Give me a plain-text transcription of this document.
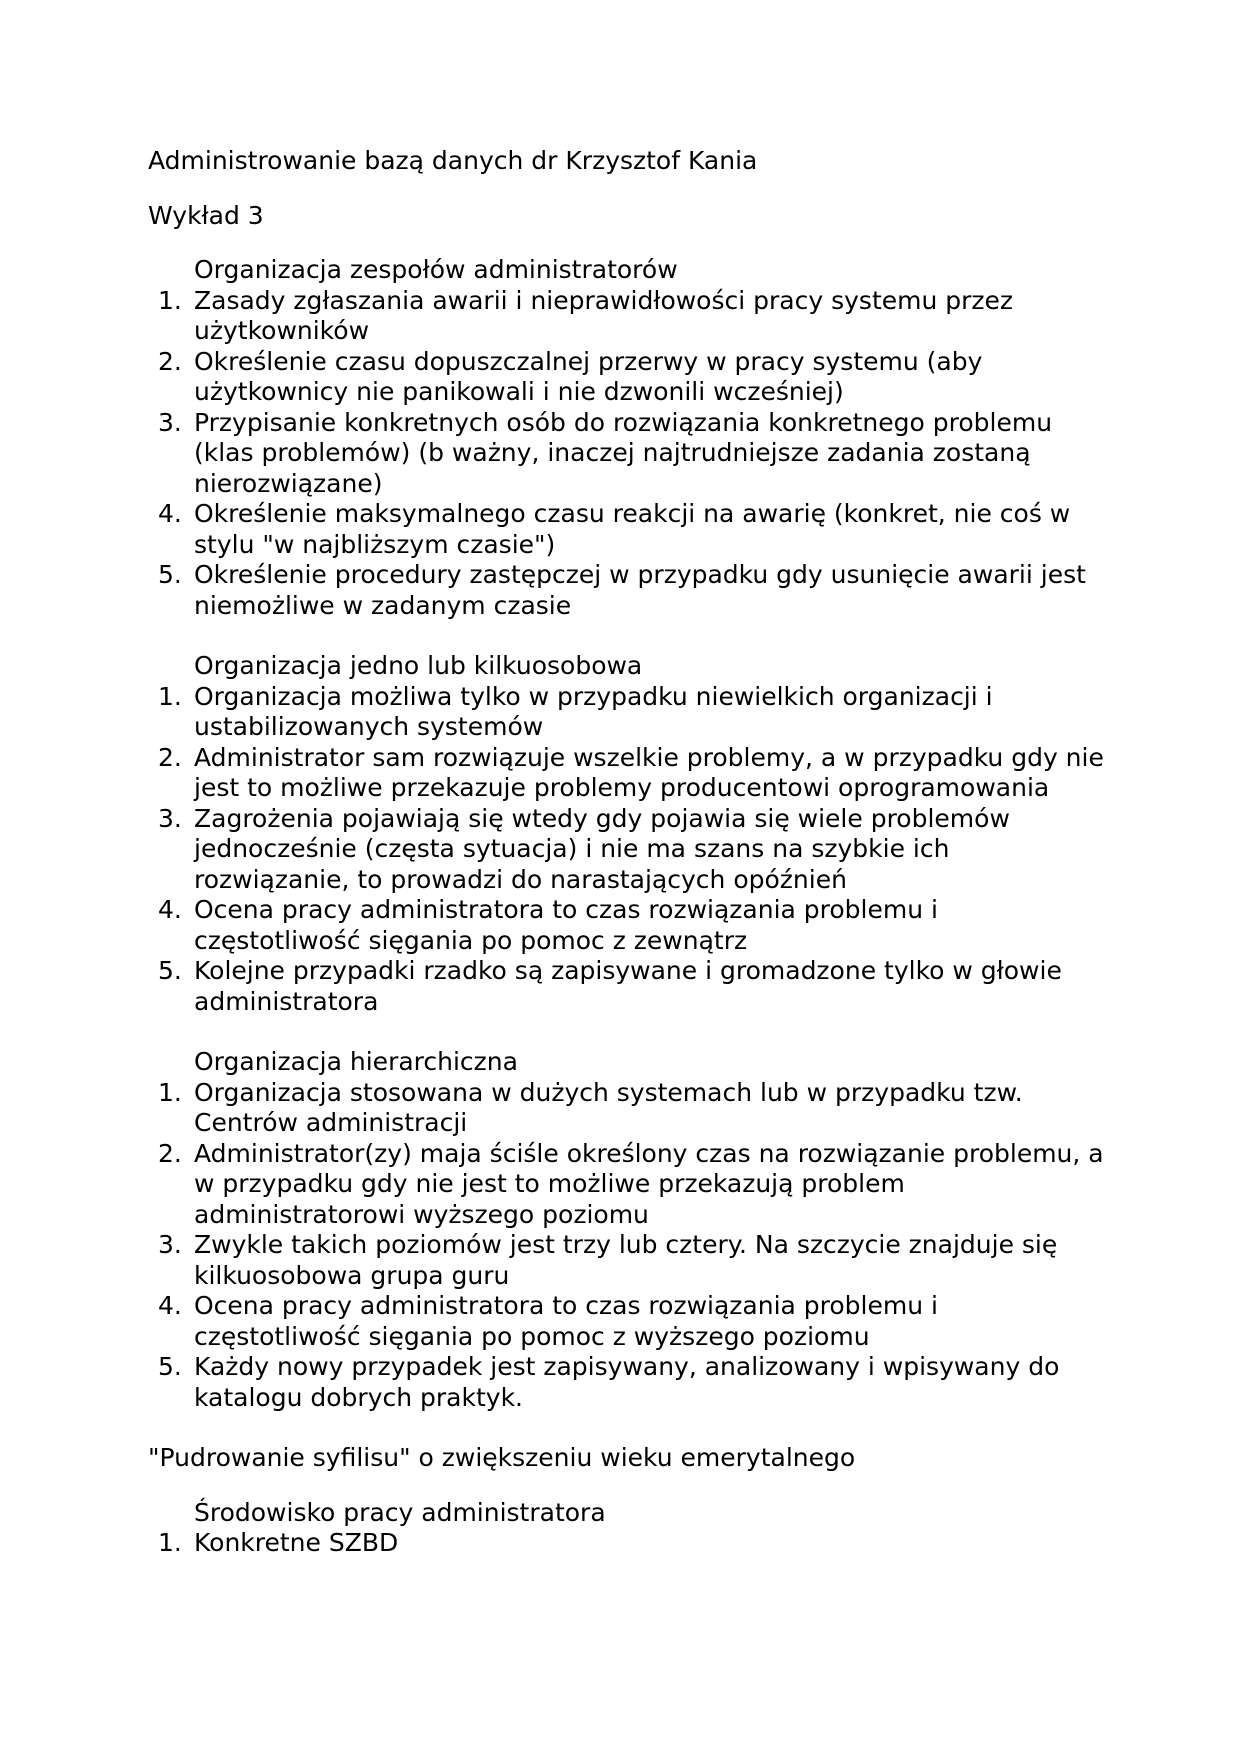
Administrowanie bazą danych dr Krzysztof Kania

Wykład 3

Organizacja zespołów administratorów

1. Zasady zgłaszania awarii i nieprawidłowości pracy systemu przez użytkowników
2. Określenie czasu dopuszczalnej przerwy w pracy systemu (aby użytkownicy nie panikowali i nie dzwonili wcześniej)
3. Przypisanie konkretnych osób do rozwiązania konkretnego problemu (klas problemów) (b ważny, inaczej najtrudniejsze zadania zostaną nierozwiązane)
4. Określenie maksymalnego czasu reakcji na awarię (konkret, nie coś w stylu "w najbliższym czasie")
5. Określenie procedury zastępczej w przypadku gdy usunięcie awarii jest niemożliwe w zadanym czasie

Organizacja jedno lub kilkuosobowa

1. Organizacja możliwa tylko w przypadku niewielkich organizacji i ustabilizowanych systemów
2. Administrator sam rozwiązuje wszelkie problemy, a w przypadku gdy nie jest to możliwe przekazuje problemy producentowi oprogramowania
3. Zagrożenia pojawiają się wtedy gdy pojawia się wiele problemów jednocześnie (częsta sytuacja) i nie ma szans na szybkie ich rozwiązanie, to prowadzi do narastających opóźnień
4. Ocena pracy administratora to czas rozwiązania problemu i częstotliwość sięgania po pomoc z zewnątrz
5. Kolejne przypadki rzadko są zapisywane i gromadzone tylko w głowie administratora

Organizacja hierarchiczna

1. Organizacja stosowana w dużych systemach lub w przypadku tzw. Centrów administracji
2. Administrator(zy) maja ściśle określony czas na rozwiązanie problemu, a w przypadku gdy nie jest to możliwe przekazują problem administratorowi wyższego poziomu
3. Zwykle takich poziomów jest trzy lub cztery. Na szczycie znajduje się kilkuosobowa grupa guru
4. Ocena pracy administratora to czas rozwiązania problemu i częstotliwość sięgania po pomoc z wyższego poziomu
5. Każdy nowy przypadek jest zapisywany, analizowany i wpisywany do katalogu dobrych praktyk.

"Pudrowanie syfilisu" o zwiększeniu wieku emerytalnego

Środowisko pracy administratora

1. Konkretne SZBD
